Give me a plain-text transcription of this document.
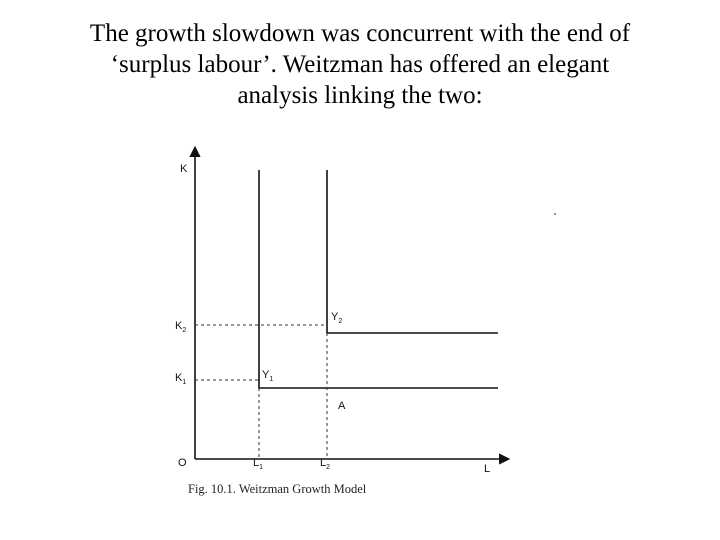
The growth slowdown was concurrent with the end of
‘surplus labour’. Weitzman has offered an elegant
analysis linking the two:
K
L
O
$K_2$
$K_1$
$L_1$	$L_2$
$Y_1$
$Y_2$
A
Fig. 10.1. Weitzman Growth Model
